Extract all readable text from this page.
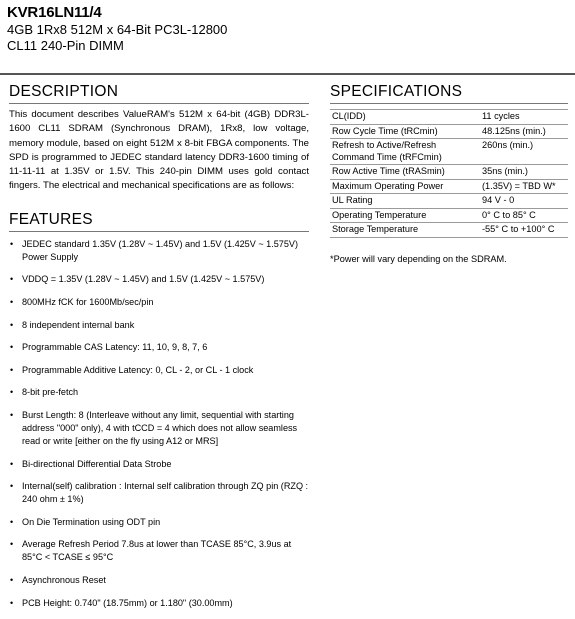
KVR16LN11/4
4GB 1Rx8 512M x 64-Bit PC3L-12800
CL11 240-Pin DIMM
DESCRIPTION

This document describes ValueRAM's 512M x 64-bit (4GB) DDR3L-1600 CL11 SDRAM (Synchronous DRAM), 1Rx8, low voltage, memory module, based on eight 512M x 8-bit FBGA components. The SPD is programmed to JEDEC standard latency DDR3-1600 timing of 11-11-11 at 1.35V or 1.5V. This 240-pin DIMM uses gold contact fingers. The electrical and mechanical specifications are as follows:

FEATURES
• JEDEC standard 1.35V (1.28V ~ 1.45V) and 1.5V (1.425V ~ 1.575V) Power Supply
• VDDQ = 1.35V (1.28V ~ 1.45V) and 1.5V (1.425V ~ 1.575V)
• 800MHz fCK for 1600Mb/sec/pin
• 8 independent internal bank
• Programmable CAS Latency: 11, 10, 9, 8, 7, 6
• Programmable Additive Latency: 0, CL - 2, or CL - 1 clock
• 8-bit pre-fetch
• Burst Length: 8 (Interleave without any limit, sequential with starting address "000" only), 4 with tCCD = 4 which does not allow seamless read or write [either on the fly using A12 or MRS]
• Bi-directional Differential Data Strobe
• Internal(self) calibration : Internal self calibration through ZQ pin (RZQ : 240 ohm ± 1%)
• On Die Termination using ODT pin
• Average Refresh Period 7.8us at lower than TCASE 85°C, 3.9us at 85°C < TCASE ≤ 95°C
• Asynchronous Reset
• PCB Height: 0.740" (18.75mm) or 1.180" (30.00mm)
SPECIFICATIONS
CL(IDD)	11 cycles
Row Cycle Time (tRCmin)	48.125ns (min.)
Refresh to Active/Refresh Command Time (tRFCmin)	260ns (min.)
Row Active Time (tRASmin)	35ns (min.)
Maximum Operating Power	(1.35V) = TBD W*
UL Rating	94 V - 0
Operating Temperature	0° C to 85° C
Storage Temperature	-55° C to +100° C
*Power will vary depending on the SDRAM.
